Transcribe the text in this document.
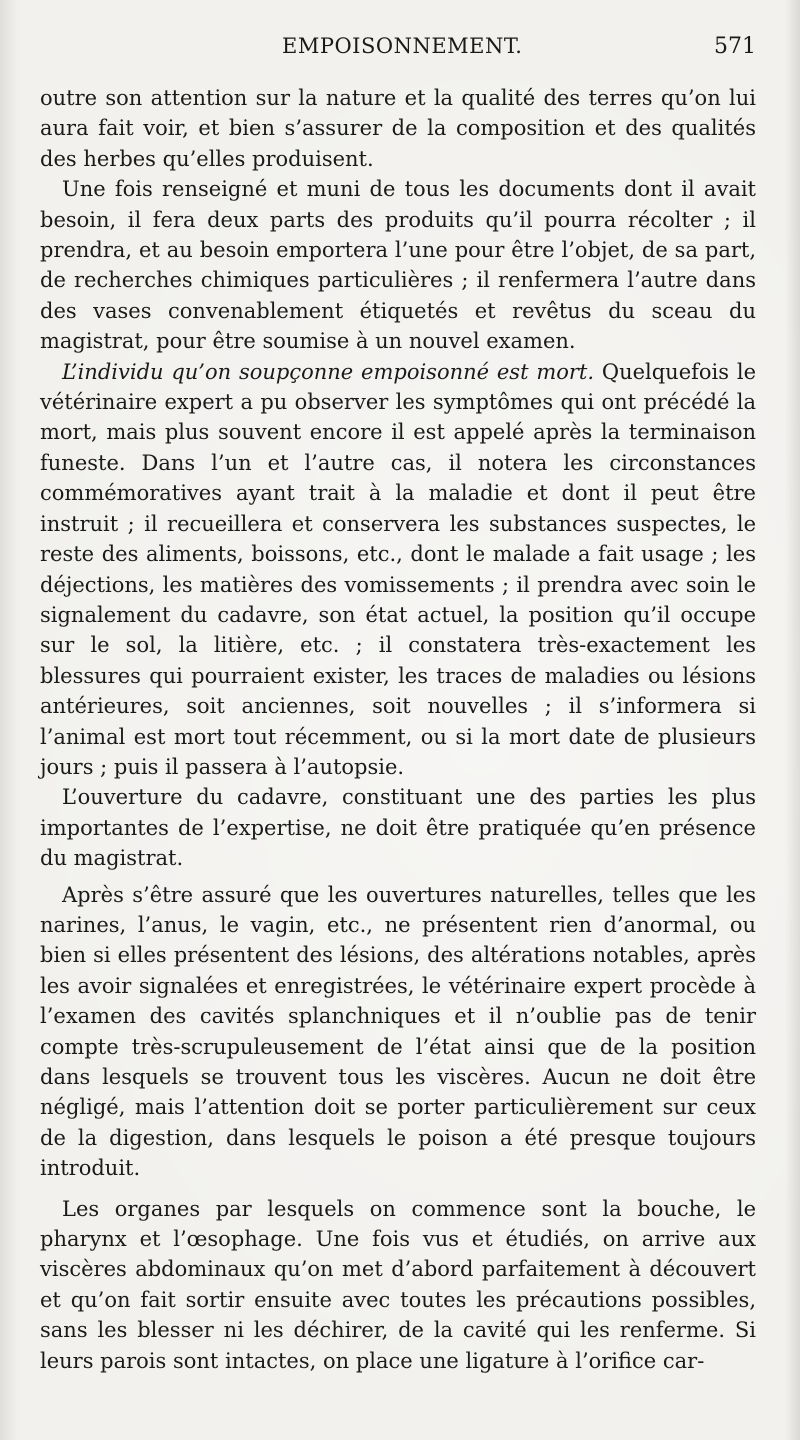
EMPOISONNEMENT.	571

outre son attention sur la nature et la qualité des terres qu’on lui aura fait voir, et bien s’assurer de la composition et des qualités des herbes qu’elles produisent.

Une fois renseigné et muni de tous les documents dont il avait besoin, il fera deux parts des produits qu’il pourra récolter ; il prendra, et au besoin emportera l’une pour être l’objet, de sa part, de recherches chimiques particulières ; il renfermera l’autre dans des vases convenablement étiquetés et revêtus du sceau du magistrat, pour être soumise à un nouvel examen.

L’individu qu’on soupçonne empoisonné est mort. Quelquefois le vétérinaire expert a pu observer les symptômes qui ont précédé la mort, mais plus souvent encore il est appelé après la terminaison funeste. Dans l’un et l’autre cas, il notera les circonstances commémoratives ayant trait à la maladie et dont il peut être instruit ; il recueillera et conservera les substances suspectes, le reste des aliments, boissons, etc., dont le malade a fait usage ; les déjections, les matières des vomissements ; il prendra avec soin le signalement du cadavre, son état actuel, la position qu’il occupe sur le sol, la litière, etc. ; il constatera très-exactement les blessures qui pourraient exister, les traces de maladies ou lésions antérieures, soit anciennes, soit nouvelles ; il s’informera si l’animal est mort tout récemment, ou si la mort date de plusieurs jours ; puis il passera à l’autopsie.

L’ouverture du cadavre, constituant une des parties les plus importantes de l’expertise, ne doit être pratiquée qu’en présence du magistrat.

Après s’être assuré que les ouvertures naturelles, telles que les narines, l’anus, le vagin, etc., ne présentent rien d’anormal, ou bien si elles présentent des lésions, des altérations notables, après les avoir signalées et enregistrées, le vétérinaire expert procède à l’examen des cavités splanchniques et il n’oublie pas de tenir compte très-scrupuleusement de l’état ainsi que de la position dans lesquels se trouvent tous les viscères. Aucun ne doit être négligé, mais l’attention doit se porter particulièrement sur ceux de la digestion, dans lesquels le poison a été presque toujours introduit.

Les organes par lesquels on commence sont la bouche, le pharynx et l’œsophage. Une fois vus et étudiés, on arrive aux viscères abdominaux qu’on met d’abord parfaitement à découvert et qu’on fait sortir ensuite avec toutes les précautions possibles, sans les blesser ni les déchirer, de la cavité qui les renferme. Si leurs parois sont intactes, on place une ligature à l’orifice car-
